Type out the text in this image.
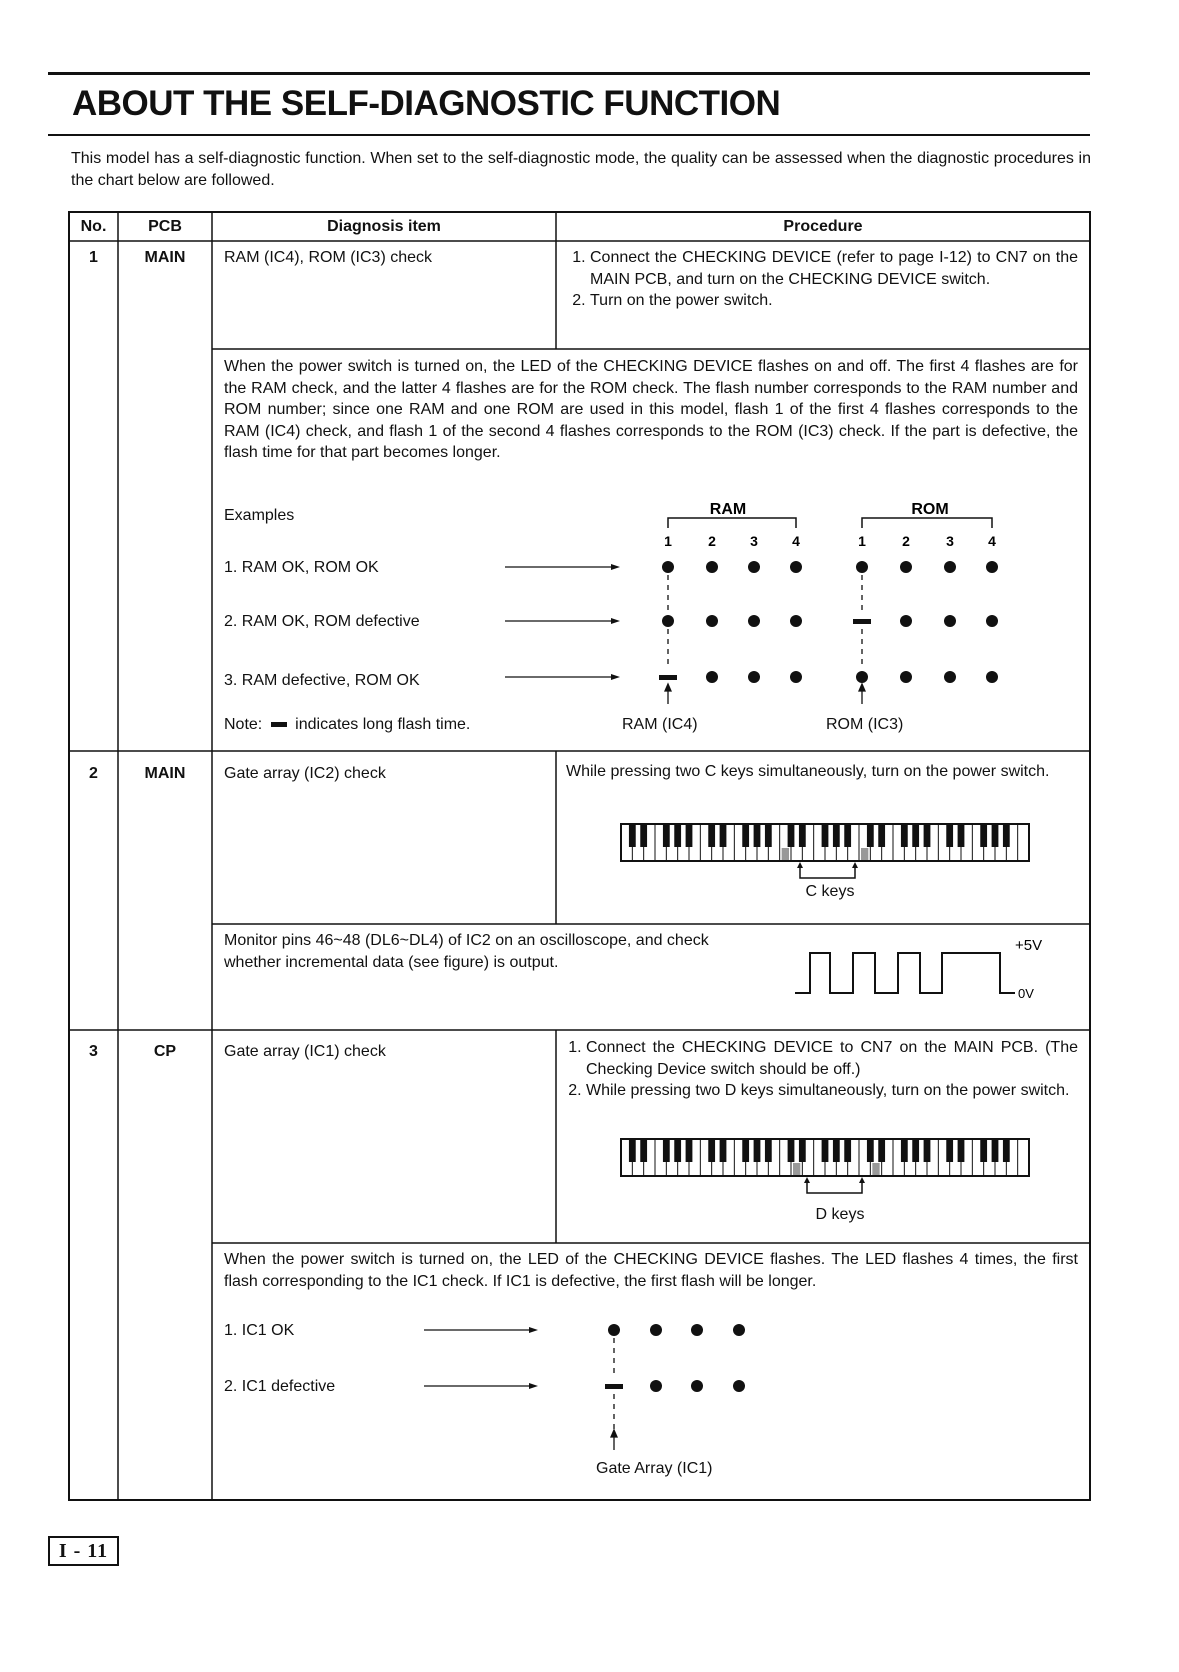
ABOUT THE SELF-DIAGNOSTIC FUNCTION
This model has a self-diagnostic function. When set to the self-diagnostic mode, the quality can be assessed when the diagnostic procedures in the chart below are followed.
No.	PCB	Diagnosis item	Procedure
1	MAIN	RAM (IC4), ROM (IC3) check	1. Connect the CHECKING DEVICE (refer to page I-12) to CN7 on the MAIN PCB, and turn on the CHECKING DEVICE switch.
2. Turn on the power switch.
When the power switch is turned on, the LED of the CHECKING DEVICE flashes on and off. The first 4 flashes are for the RAM check, and the latter 4 flashes are for the ROM check. The flash number corresponds to the RAM number and ROM number; since one RAM and one ROM are used in this model, flash 1 of the first 4 flashes corresponds to the RAM (IC4) check, and flash 1 of the second 4 flashes corresponds to the ROM (IC3) check. If the part is defective, the flash time for that part becomes longer.
Examples
1. RAM OK, ROM OK
2. RAM OK, ROM defective
3. RAM defective, ROM OK
Note: indicates long flash time.	RAM (IC4)	ROM (IC3)
RAM	ROM
1	2 3 4	1	2	3 4
2	MAIN	Gate array (IC2) check	While pressing two C keys simultaneously, turn on the power switch.
C keys
Monitor pins 46~48 (DL6~DL4) of IC2 on an oscilloscope, and check whether incremental data (see figure) is output.
+5V
0V
3	CP	Gate array (IC1) check	1. Connect the CHECKING DEVICE to CN7 on the MAIN PCB. (The Checking Device switch should be off.)
2. While pressing two D keys simultaneously, turn on the power switch.
D keys
When the power switch is turned on, the LED of the CHECKING DEVICE flashes. The LED flashes 4 times, the first flash corresponding to the IC1 check. If IC1 is defective, the first flash will be longer.
1. IC1 OK
2. IC1 defective
Gate Array (IC1)
I - 11
